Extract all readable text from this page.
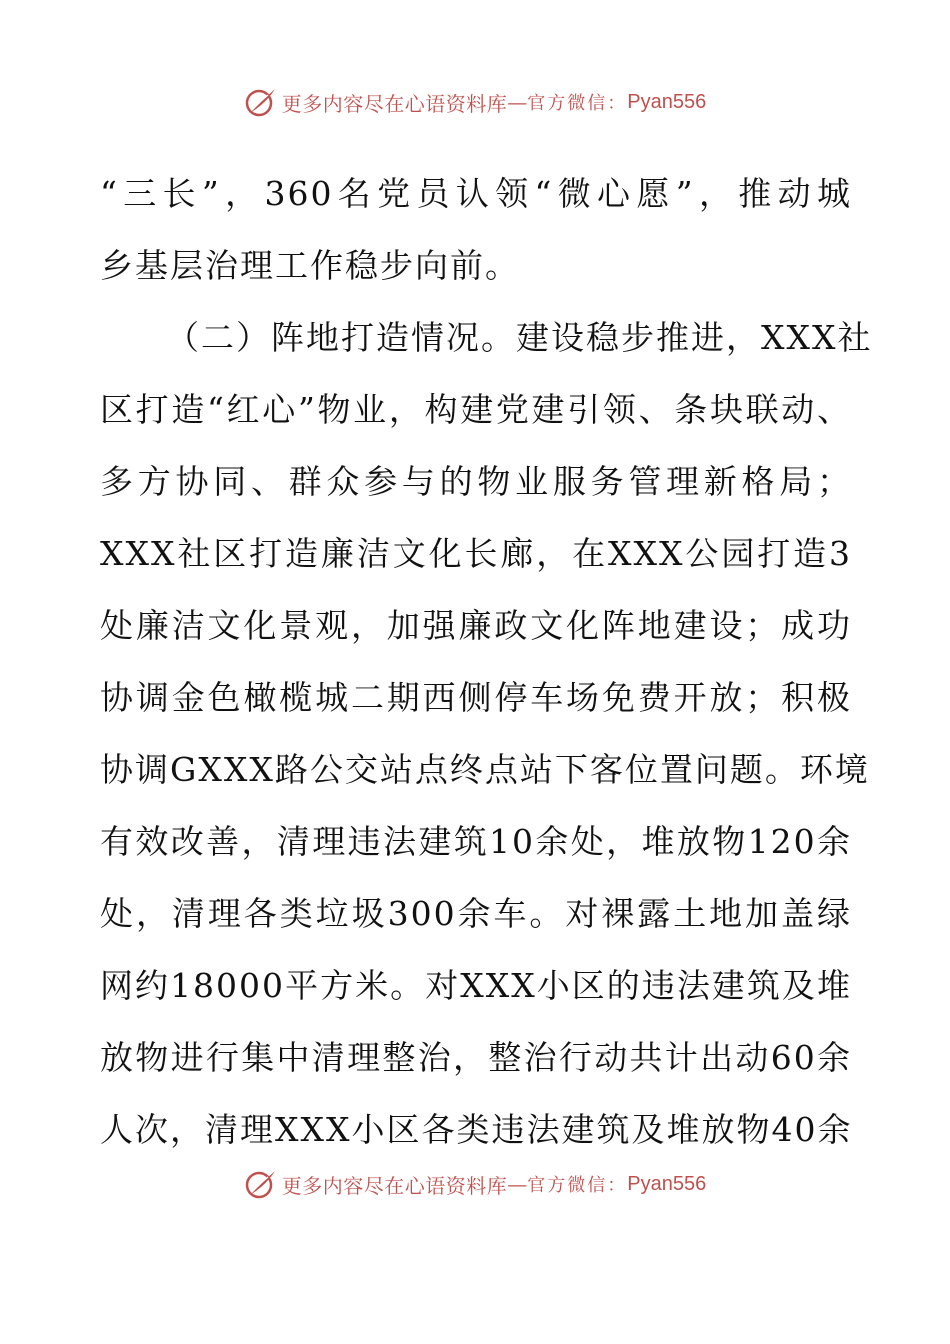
更多内容尽在心语资料库 — 官方微信： Pyan556
“三长”，360名党员认领“微心愿”，推动城
乡基层治理工作稳步向前。
（二）阵地打造情况。建设稳步推进，XXX社
区打造“红心”物业，构建党建引领、条块联动、
多方协同、群众参与的物业服务管理新格局；
XXX社区打造廉洁文化长廊，在XXX公园打造3
处廉洁文化景观，加强廉政文化阵地建设；成功
协调金色橄榄城二期西侧停车场免费开放；积极
协调GXXX路公交站点终点站下客位置问题。环境
有效改善，清理违法建筑10余处，堆放物120余
处，清理各类垃圾300余车。对裸露土地加盖绿
网约18000平方米。对XXX小区的违法建筑及堆
放物进行集中清理整治，整治行动共计出动60余
人次，清理XXX小区各类违法建筑及堆放物40余
更多内容尽在心语资料库 — 官方微信： Pyan556
